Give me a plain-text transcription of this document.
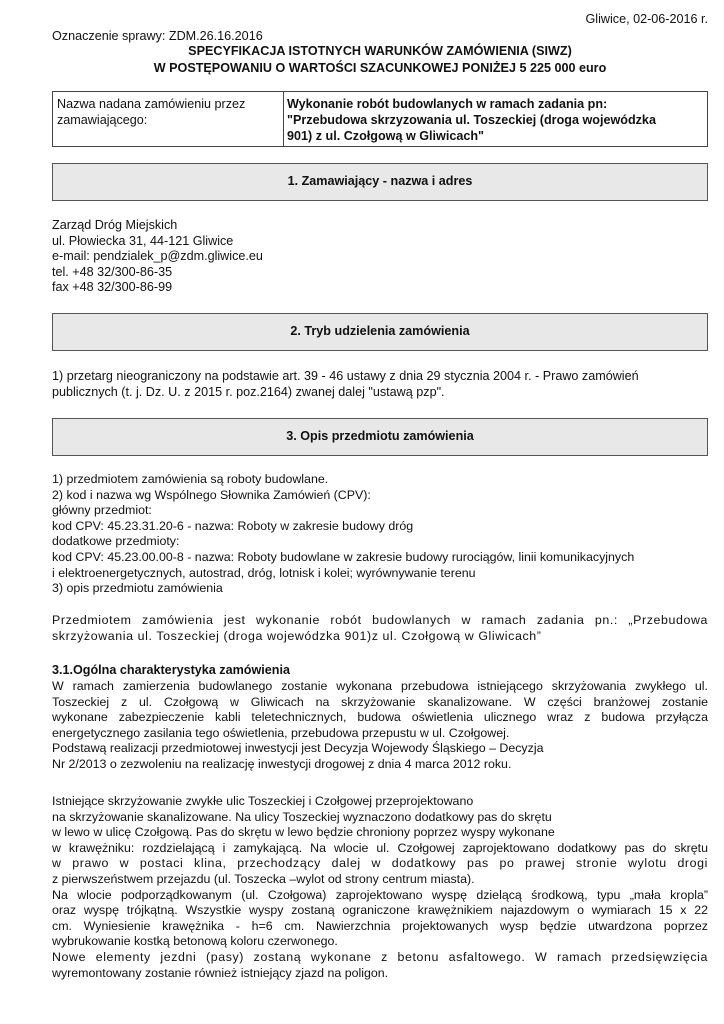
Gliwice, 02-06-2016 r.
Oznaczenie sprawy: ZDM.26.16.2016
SPECYFIKACJA ISTOTNYCH WARUNKÓW ZAMÓWIENIA (SIWZ)
W POSTĘPOWANIU O WARTOŚCI SZACUNKOWEJ PONIŻEJ 5 225 000 euro
Nazwa nadana zamówieniu przez
zamawiającego:
Wykonanie robót budowlanych w ramach zadania pn:
"Przebudowa skrzyzowania ul. Toszeckiej (droga wojewódzka
901) z ul. Czołgową w Gliwicach"
1. Zamawiający - nazwa i adres
Zarząd Dróg Miejskich
ul. Płowiecka 31, 44-121 Gliwice
e-mail: pendzialek_p@zdm.gliwice.eu
tel. +48 32/300-86-35
fax +48 32/300-86-99
2. Tryb udzielenia zamówienia
1) przetarg nieograniczony na podstawie art. 39 - 46 ustawy z dnia 29 stycznia 2004 r. - Prawo zamówień
publicznych (t. j. Dz. U. z 2015 r. poz.2164) zwanej dalej "ustawą pzp".
3. Opis przedmiotu zamówienia
1) przedmiotem zamówienia są roboty budowlane.
2) kod i nazwa wg Wspólnego Słownika Zamówień (CPV):
główny przedmiot:
kod CPV: 45.23.31.20-6 - nazwa: Roboty w zakresie budowy dróg
dodatkowe przedmioty:
kod CPV: 45.23.00.00-8 - nazwa: Roboty budowlane w zakresie budowy rurociągów, linii komunikacyjnych
i elektroenergetycznych, autostrad, dróg, lotnisk i kolei; wyrównywanie terenu
3) opis przedmiotu zamówienia
Przedmiotem zamówienia jest wykonanie robót budowlanych w ramach zadania pn.: „Przebudowa
skrzyżowania ul. Toszeckiej (droga wojewódzka 901)z ul. Czołgową w Gliwicach”
3.1.Ogólna charakterystyka zamówienia
W ramach zamierzenia budowlanego zostanie wykonana przebudowa istniejącego skrzyżowania zwykłego ul.
Toszeckiej z ul. Czołgową w Gliwicach na skrzyżowanie skanalizowane. W części branżowej zostanie
wykonane zabezpieczenie kabli teletechnicznych, budowa oświetlenia ulicznego wraz z budowa przyłącza
energetycznego zasilania tego oświetlenia, przebudowa przepustu w ul. Czołgowej.
Podstawą realizacji przedmiotowej inwestycji jest Decyzja Wojewody Śląskiego – Decyzja
Nr 2/2013 o zezwoleniu na realizację inwestycji drogowej z dnia 4 marca 2012 roku.
Istniejące skrzyżowanie zwykłe ulic Toszeckiej i Czołgowej przeprojektowano
na skrzyżowanie skanalizowane. Na ulicy Toszeckiej wyznaczono dodatkowy pas do skrętu
w lewo w ulicę Czołgową. Pas do skrętu w lewo będzie chroniony poprzez wyspy wykonane
w krawężniku: rozdzielającą i zamykającą. Na wlocie ul. Czołgowej zaprojektowano dodatkowy pas do skrętu
w prawo w postaci klina, przechodzący dalej w dodatkowy pas po prawej stronie wylotu drogi
z pierwszeństwem przejazdu (ul. Toszecka –wylot od strony centrum miasta).
Na wlocie podporządkowanym (ul. Czołgowa) zaprojektowano wyspę dzielącą środkową, typu „mała kropla”
oraz wyspę trójkątną. Wszystkie wyspy zostaną ograniczone krawężnikiem najazdowym o wymiarach 15 x 22
cm. Wyniesienie krawężnika - h=6 cm. Nawierzchnia projektowanych wysp będzie utwardzona poprzez
wybrukowanie kostką betonową koloru czerwonego.
Nowe elementy jezdni (pasy) zostaną wykonane z betonu asfaltowego. W ramach przedsięwzięcia
wyremontowany zostanie również istniejący zjazd na poligon.
